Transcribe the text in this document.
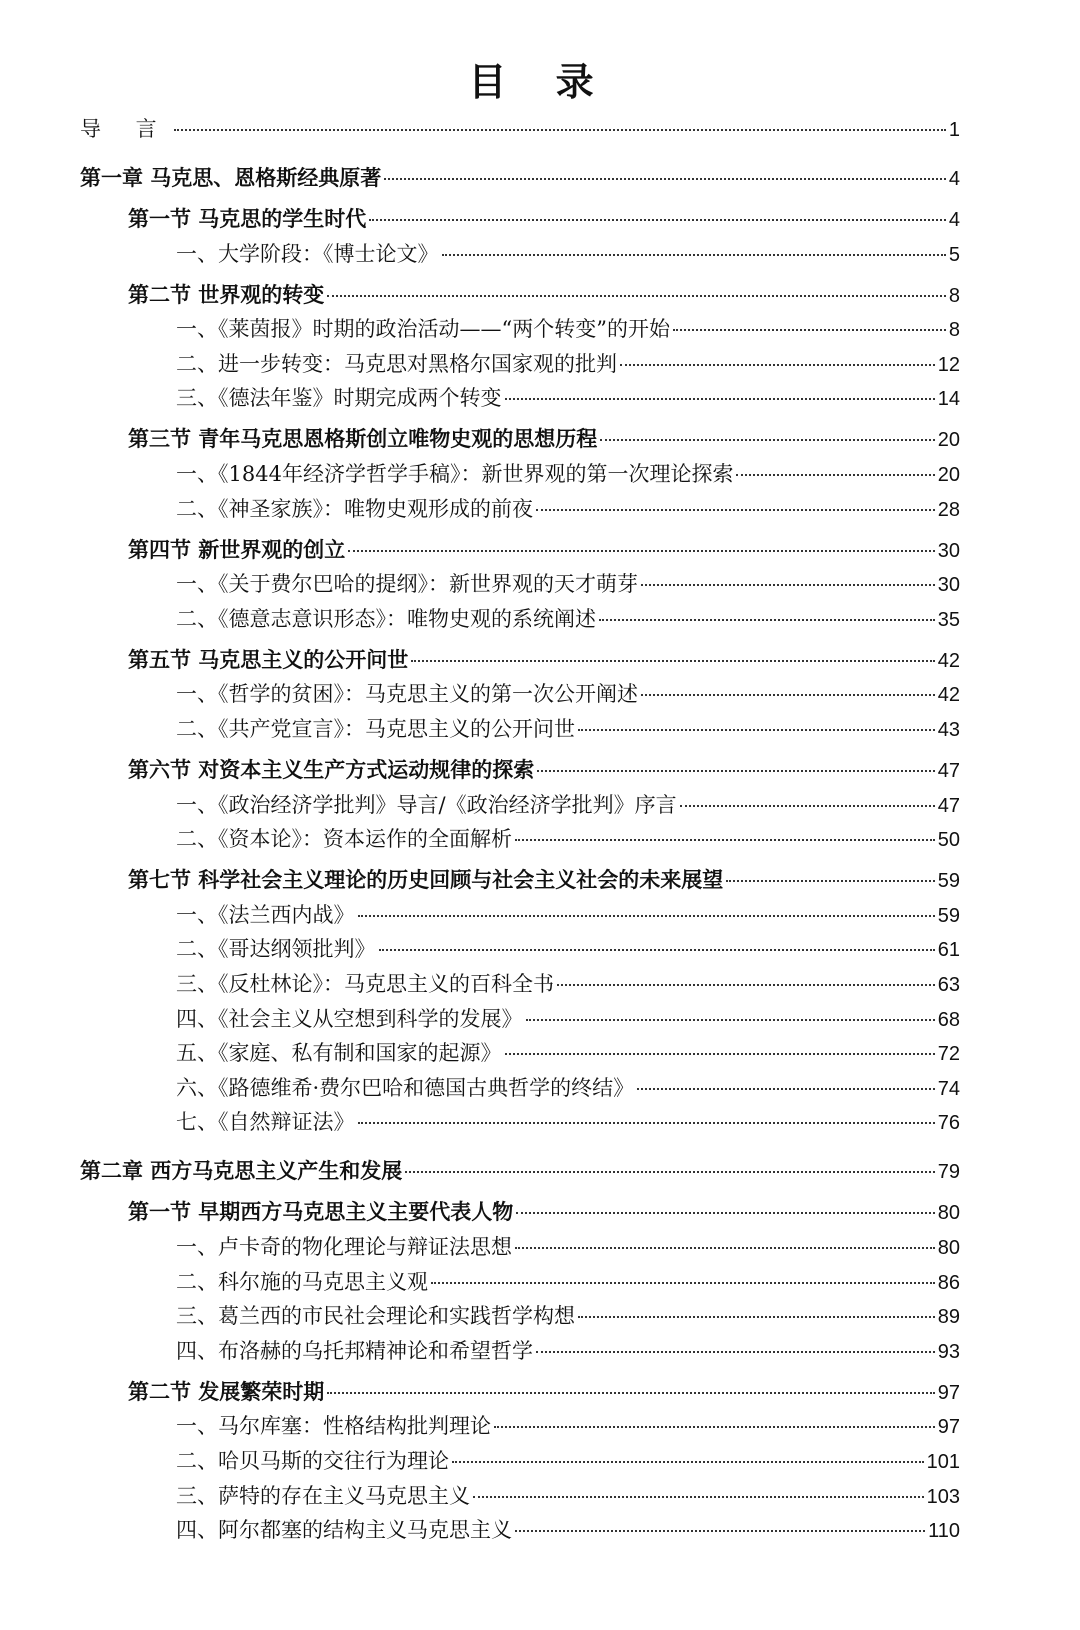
目 录
导 言	1
第一章 马克思、恩格斯经典原著	4
第一节 马克思的学生时代	4
一、大学阶段：《博士论文》	5
第二节 世界观的转变	8
一、《莱茵报》时期的政治活动——“两个转变”的开始	8
二、进一步转变：马克思对黑格尔国家观的批判	12
三、《德法年鉴》时期完成两个转变	14
第三节 青年马克思恩格斯创立唯物史观的思想历程	20
一、《1844年经济学哲学手稿》：新世界观的第一次理论探索	20
二、《神圣家族》：唯物史观形成的前夜	28
第四节 新世界观的创立	30
一、《关于费尔巴哈的提纲》：新世界观的天才萌芽	30
二、《德意志意识形态》：唯物史观的系统阐述	35
第五节 马克思主义的公开问世	42
一、《哲学的贫困》：马克思主义的第一次公开阐述	42
二、《共产党宣言》：马克思主义的公开问世	43
第六节 对资本主义生产方式运动规律的探索	47
一、《政治经济学批判》导言/《政治经济学批判》序言	47
二、《资本论》：资本运作的全面解析	50
第七节 科学社会主义理论的历史回顾与社会主义社会的未来展望	59
一、《法兰西内战》	59
二、《哥达纲领批判》	61
三、《反杜林论》：马克思主义的百科全书	63
四、《社会主义从空想到科学的发展》	68
五、《家庭、私有制和国家的起源》	72
六、《路德维希·费尔巴哈和德国古典哲学的终结》	74
七、《自然辩证法》	76
第二章 西方马克思主义产生和发展	79
第一节 早期西方马克思主义主要代表人物	80
一、卢卡奇的物化理论与辩证法思想	80
二、科尔施的马克思主义观	86
三、葛兰西的市民社会理论和实践哲学构想	89
四、布洛赫的乌托邦精神论和希望哲学	93
第二节 发展繁荣时期	97
一、马尔库塞：性格结构批判理论	97
二、哈贝马斯的交往行为理论	101
三、萨特的存在主义马克思主义	103
四、阿尔都塞的结构主义马克思主义	110
